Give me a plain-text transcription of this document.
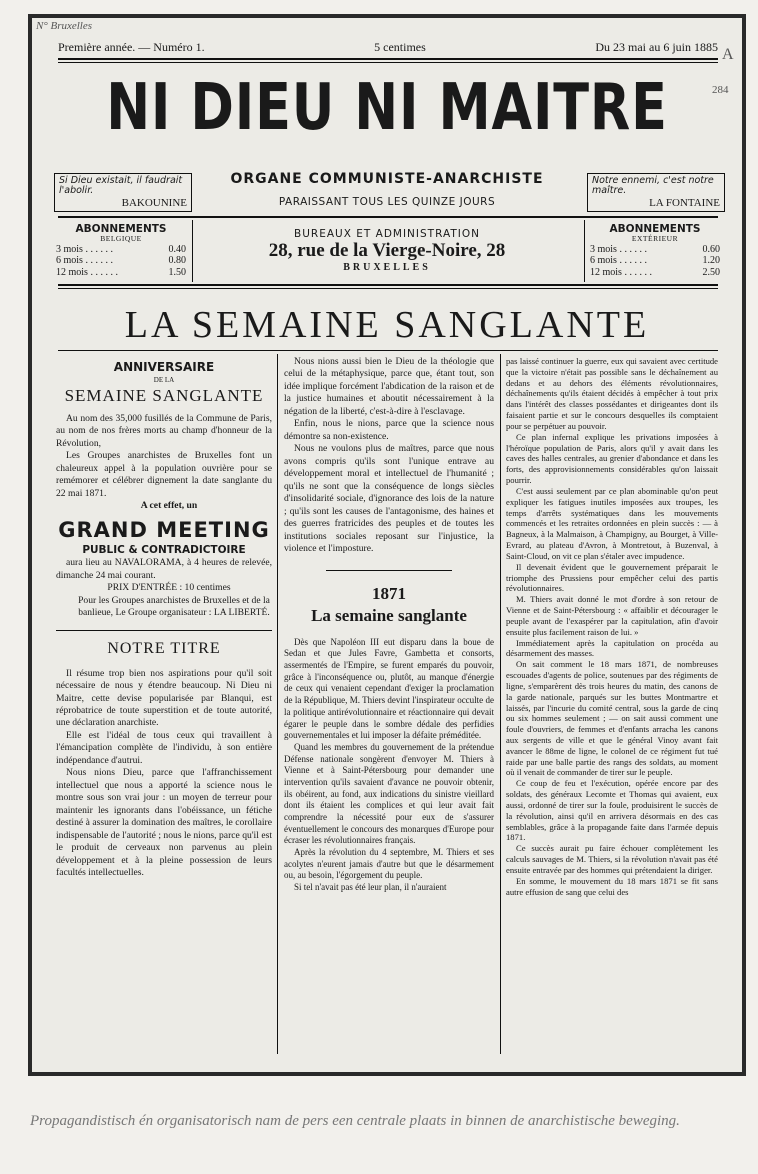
N° Bruxelles
A
284
Première année. — Numéro 1.	5 centimes	Du 23 mai au 6 juin 1885
NI DIEU NI MAITRE
Si Dieu existait, il faudrait l'abolir.
BAKOUNINE
Notre ennemi, c'est notre maître.
LA FONTAINE
ORGANE COMMUNISTE-ANARCHISTE
PARAISSANT TOUS LES QUINZE JOURS
ABONNEMENTS
BELGIQUE
3 mois . . . . . .	0.40
6 mois . . . . . .	0.80
12 mois . . . . . .	1.50
BUREAUX ET ADMINISTRATION
28, rue de la Vierge-Noire, 28
BRUXELLES
ABONNEMENTS
EXTÉRIEUR
3 mois . . . . . .	0.60
6 mois . . . . . .	1.20
12 mois . . . . . .	2.50
LA SEMAINE SANGLANTE
ANNIVERSAIRE
DE LA
SEMAINE SANGLANTE

Au nom des 35,000 fusillés de la Commune de Paris, au nom de nos frères morts au champ d'honneur de la Révolution,

Les Groupes anarchistes de Bruxelles font un chaleureux appel à la population ouvrière pour se remémorer et célébrer dignement la date sanglante du 22 mai 1871.

A cet effet, un

GRAND MEETING
PUBLIC & CONTRADICTOIRE

aura lieu au NAVALORAMA, à 4 heures de relevée, dimanche 24 mai courant.

PRIX D'ENTRÉE : 10 centimes

Pour les Groupes anarchistes de Bruxelles et de la banlieue, Le Groupe organisateur : LA LIBERTÉ.

NOTRE TITRE

Il résume trop bien nos aspirations pour qu'il soit nécessaire de nous y étendre beaucoup. Ni Dieu ni Maitre, cette devise popularisée par Blanqui, est réprobatrice de toute superstition et de toute autorité, une déclaration anarchiste.

Elle est l'idéal de tous ceux qui travaillent à l'émancipation complète de l'individu, à son entière indépendance d'autrui.

Nous nions Dieu, parce que l'affranchissement intellectuel que nous a apporté la science nous le montre sous son vrai jour : un moyen de terreur pour maintenir les ignorants dans l'obéissance, un fétiche destiné à assurer la domination des maîtres, le corollaire indispensable de l'autorité ; nous le nions, parce qu'il est le produit de cerveaux non parvenus au plein développement et à la pleine possession de leurs facultés intellectuelles.

Nous nions aussi bien le Dieu de la théologie que celui de la métaphysique, parce que, étant tout, son idée implique forcément l'abdication de la raison et de la justice humaines et aboutit nécessairement à la négation de la liberté, c'est-à-dire à l'esclavage.

Enfin, nous le nions, parce que la science nous démontre sa non-existence.

Nous ne voulons plus de maîtres, parce que nous avons compris qu'ils sont l'unique entrave au développement moral et intellectuel de l'humanité ; qu'ils ne sont que la conséquence de longs siècles d'insolidarité sociale, d'ignorance des lois de la nature ; qu'ils sont les causes de l'antagonisme, des haines et des guerres fratricides des peuples et de toutes les institutions sociales reposant sur l'injustice, la violence et l'imposture.

1871
La semaine sanglante

Dès que Napoléon III eut disparu dans la boue de Sedan et que Jules Favre, Gambetta et consorts, assermentés de l'Empire, se furent emparés du pouvoir, grâce à l'inconséquence ou, plutôt, au manque d'énergie de ceux qui venaient cependant d'exiger la proclamation de la République, M. Thiers devint l'inspirateur occulte de la politique antirévolutionnaire et réactionnaire qui devait égarer le peuple dans le sombre dédale des perfidies gouvernementales et lui imposer la défaite préméditée.

Quand les membres du gouvernement de la prétendue Défense nationale songèrent d'envoyer M. Thiers à Vienne et à Saint-Pétersbourg pour demander une intervention qu'ils savaient d'avance ne pouvoir obtenir, ils obéirent, au fond, aux indications du sinistre vieillard dont ils étaient les complices et qui leur avait fait comprendre la nécessité pour eux de s'assurer éventuellement le concours des monarques d'Europe pour écraser les révolutionnaires français.

Après la révolution du 4 septembre, M. Thiers et ses acolytes n'eurent jamais d'autre but que le désarmement ou, au besoin, l'égorgement du peuple.

Si tel n'avait pas été leur plan, il n'auraient

pas laissé continuer la guerre, eux qui savaient avec certitude que la victoire n'était pas possible sans le déchaînement au dedans et au dehors des éléments révolutionnaires, déchaînements qu'ils étaient décidés à empêcher à tout prix dans l'intérêt des classes possédantes et dirigeantes dont ils faisaient partie et sur le concours desquelles ils comptaient pour se perpétuer au pouvoir.

Ce plan infernal explique les privations imposées à l'héroïque population de Paris, alors qu'il y avait dans les caves des halles centrales, au grenier d'abondance et dans les forts, des approvisionnements considérables qu'on laissait pourrir.

C'est aussi seulement par ce plan abominable qu'on peut expliquer les fatigues inutiles imposées aux troupes, les temps d'arrêts systématiques dans les mouvements commencés et les retraites ordonnées en plein succès : — à Bagneux, à la Malmaison, à Champigny, au Bourget, à Ville-Evrard, au plateau d'Avron, à Montretout, à Buzenval, à Saint-Cloud, on vit ce plan s'étaler avec impudence.

Il devenait évident que le gouvernement préparait le triomphe des Prussiens pour empêcher celui des partis révolutionnaires.

M. Thiers avait donné le mot d'ordre à son retour de Vienne et de Saint-Pétersbourg : « affaiblir et décourager le peuple avant de l'exaspérer par la capitulation, afin d'avoir ensuite plus facilement raison de lui. »

Immédiatement après la capitulation on procéda au désarmement des masses.

On sait comment le 18 mars 1871, de nombreuses escouades d'agents de police, soutenues par des régiments de ligne, s'emparèrent dès trois heures du matin, des canons de la garde nationale, parqués sur les buttes Montmartre et laissés, par l'incurie du comité central, sous la garde de cinq ou six hommes seulement ; — on sait aussi comment une foule d'ouvriers, de femmes et d'enfants arracha les canons aux sergents de ville et que le général Vinoy avant fait avancer le 88me de ligne, le colonel de ce régiment fut tué raide par une balle partie des rangs des soldats, au moment où il venait de commander de tirer sur le peuple.

Ce coup de feu et l'exécution, opérée encore par des soldats, des généraux Lecomte et Thomas qui avaient, eux aussi, ordonné de tirer sur la foule, produisirent le succès de la révolution, ainsi qu'il en arrivera désormais en des cas semblables, grâce à la propagande faite dans l'armée depuis 1871.

Ce succès aurait pu faire échouer complètement les calculs sauvages de M. Thiers, si la révolution n'avait pas été ensuite entravée par des hommes qui prétendaient la diriger.

En somme, le mouvement du 18 mars 1871 se fit sans autre effusion de sang que celui des

Propagandistisch én organisatorisch nam de pers een centrale plaats in binnen de anarchistische beweging.
